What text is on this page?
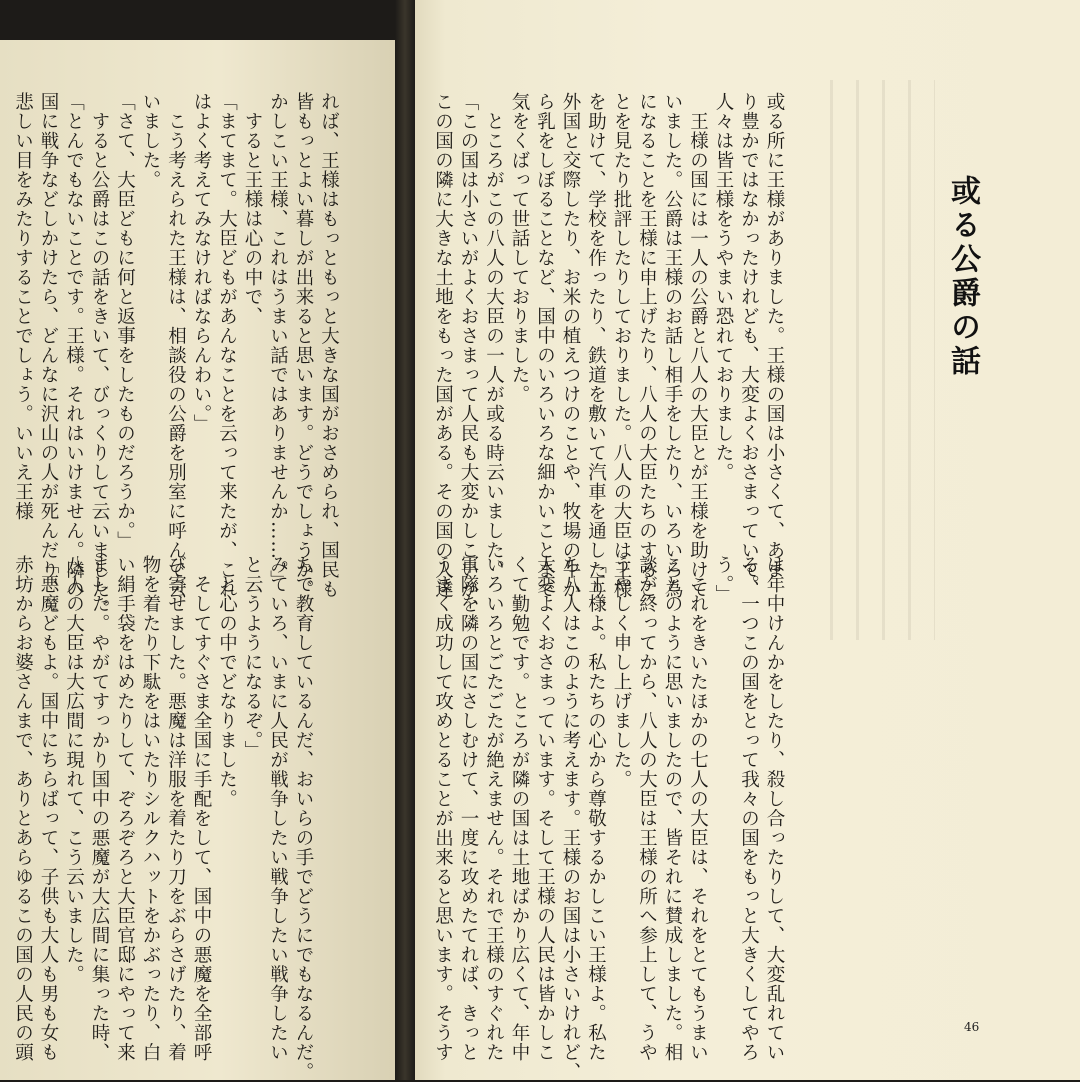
或る公爵の話
或る所に王様がありました。王様の国は小さくて、あま
り豊かではなかったけれども、大変よくおさまっていて、
人々は皆王様をうやまい恐れておりました。
　王様の国には一人の公爵と八人の大臣とが王様を助けて
いました。公爵は王様のお話し相手をしたり、いろいろ為
になることを王様に申上げたり、八人の大臣たちのするこ
とを見たり批評したりしておりました。八人の大臣は王様
を助けて、学校を作ったり、鉄道を敷いて汽車を通したり、
外国と交際したり、お米の植えつけのことや、牧場の牛か
ら乳をしぼることなど、国中のいろいろな細かいことまで
気をくばって世話しておりました。
　ところがこの八人の大臣の一人が或る時云いました。
「この国は小さいがよくおさまって人民も大変かしこいが、
この国の隣に大きな土地をもった国がある。その国の人達
は年中けんかをしたり、殺し合ったりして、大変乱れてい
る。一つこの国をとって我々の国をもっと大きくしてやろ
う。」
　これをきいたほかの七人の大臣は、それをとてもうまい
ことのように思いましたので、皆それに賛成しました。相
談が終ってから、八人の大臣は王様の所へ参上して、うや
うやしく申し上げました。
「王様よ。私たちの心から尊敬するかしこい王様よ。私た
ち八人はこのように考えます。王様のお国は小さいけれど、
大変よくおさまっています。そして王様の人民は皆かしこ
くて勤勉です。ところが隣の国は土地ばかり広くて、年中
いろいろとごたごたが絶えません。それで王様のすぐれた
軍隊を隣の国にさしむけて、一度に攻めたてれば、きっと
うまく成功して攻めとることが出来ると思います。そうす	46
れば、王様はもっともっと大きな国がおさめられ、国民も
皆もっとよい暮しが出来ると思います。どうでしょうか。
かしこい王様、これはうまい話ではありませんか……。」
　すると王様は心の中で、
「まてまて。大臣どもがあんなことを云って来たが、これ
はよく考えてみなければならんわい。」
　こう考えられた王様は、相談役の公爵を別室に呼んで云
いました。
「さて、大臣どもに何と返事をしたものだろうか。」
　すると公爵はこの話をきいて、びっくりして云いました。
「とんでもないことです。王様。それはいけません。隣の
国に戦争などしかけたら、どんなに沢山の人が死んだり、
悲しい目をみたりすることでしょう。いいえ王様
ちで教育しているんだ、おいらの手でどうにでもなるんだ。
みていろ、いまに人民が戦争したい戦争したい戦争したい
と云うようになるぞ。」
　と心の中でどなりました。
　そしてすぐさま全国に手配をして、国中の悪魔を全部呼
び寄せました。悪魔は洋服を着たり刀をぶらさげたり、着
物を着たり下駄をはいたりシルクハットをかぶったり、白
い絹手袋をはめたりして、ぞろぞろと大臣官邸にやって来
ました。やがてすっかり国中の悪魔が大広間に集った時、
八人の大臣は大広間に現れて、こう云いました。
「悪魔どもよ。国中にちらばって、子供も大人も男も女も
赤坊からお婆さんまで、ありとあらゆるこの国の人民の頭
